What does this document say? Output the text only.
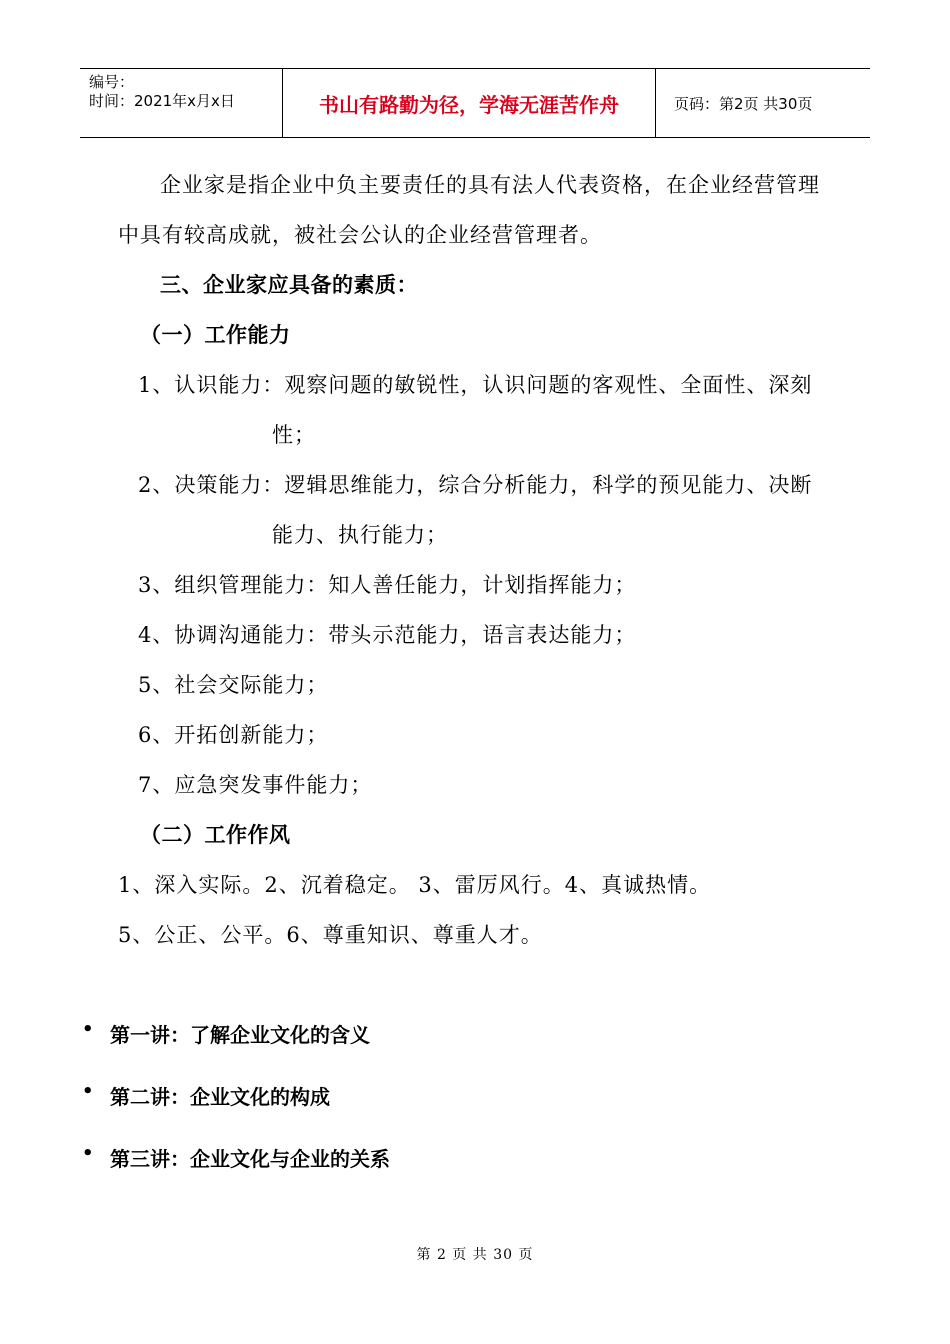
编号：
时间：2021年x月x日	书山有路勤为径，学海无涯苦作舟	页码：第2页 共30页
企业家是指企业中负主要责任的具有法人代表资格，在企业经营管理
中具有较高成就，被社会公认的企业经营管理者。
三、企业家应具备的素质：
（一）工作能力
1、认识能力：观察问题的敏锐性，认识问题的客观性、全面性、深刻
性；
2、决策能力：逻辑思维能力，综合分析能力，科学的预见能力、决断
能力、执行能力；
3、组织管理能力：知人善任能力，计划指挥能力；
4、协调沟通能力：带头示范能力，语言表达能力；
5、社会交际能力；
6、开拓创新能力；
7、应急突发事件能力；
（二）工作作风
1、深入实际。2、沉着稳定。 3、雷厉风行。4、真诚热情。
5、公正、公平。6、尊重知识、尊重人才。
• 第一讲：了解企业文化的含义
• 第二讲：企业文化的构成
• 第三讲：企业文化与企业的关系
第 2 页 共 30 页
